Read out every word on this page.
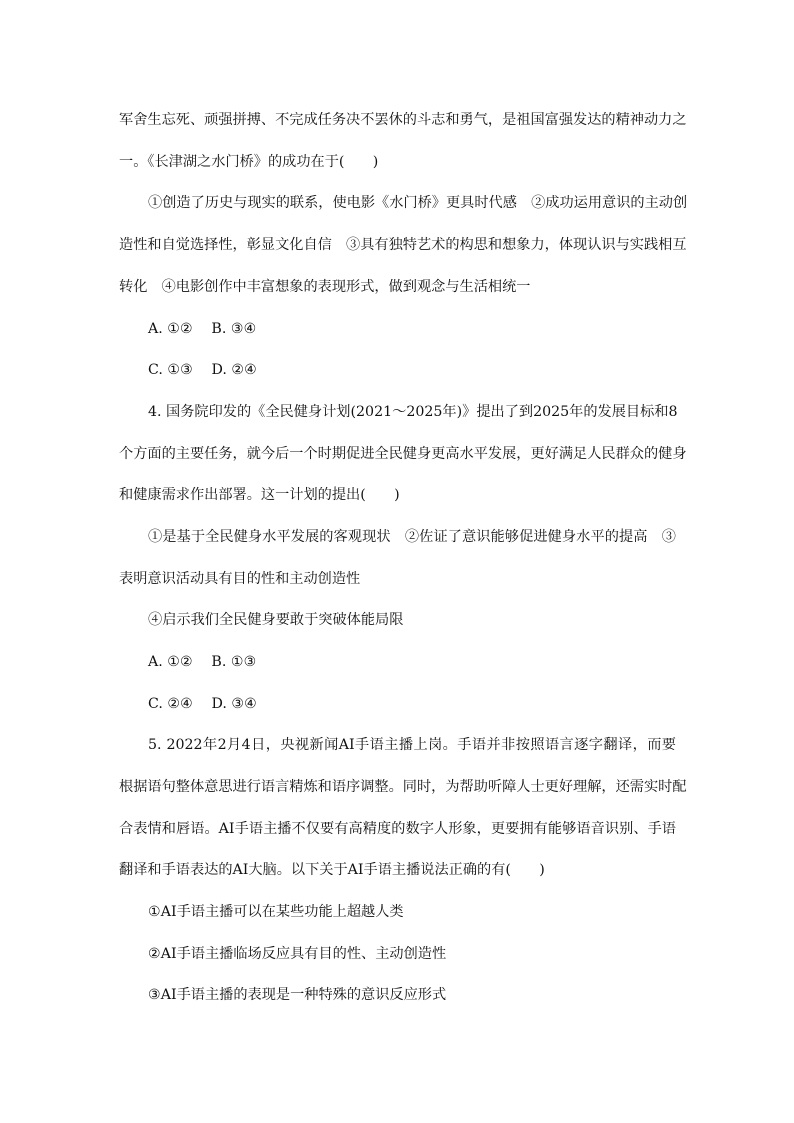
军舍生忘死、顽强拼搏、不完成任务决不罢休的斗志和勇气，是祖国富强发达的精神动力之
一。《长津湖之水门桥》的成功在于(　　)
①创造了历史与现实的联系，使电影《水门桥》更具时代感　②成功运用意识的主动创
造性和自觉选择性，彰显文化自信　③具有独特艺术的构思和想象力，体现认识与实践相互
转化　④电影创作中丰富想象的表现形式，做到观念与生活相统一
A. ①②　 B. ③④
C. ①③　 D. ②④
4. 国务院印发的《全民健身计划(2021～2025年)》提出了到2025年的发展目标和8
个方面的主要任务，就今后一个时期促进全民健身更高水平发展，更好满足人民群众的健身
和健康需求作出部署。这一计划的提出(　　)
①是基于全民健身水平发展的客观现状　②佐证了意识能够促进健身水平的提高　③
表明意识活动具有目的性和主动创造性
④启示我们全民健身要敢于突破体能局限
A. ①②　 B. ①③
C. ②④　 D. ③④
5. 2022年2月4日，央视新闻AI手语主播上岗。手语并非按照语言逐字翻译，而要
根据语句整体意思进行语言精炼和语序调整。同时，为帮助听障人士更好理解，还需实时配
合表情和唇语。AI手语主播不仅要有高精度的数字人形象，更要拥有能够语音识别、手语
翻译和手语表达的AI大脑。以下关于AI手语主播说法正确的有(　　)
①AI手语主播可以在某些功能上超越人类
②AI手语主播临场反应具有目的性、主动创造性
③AI手语主播的表现是一种特殊的意识反应形式
